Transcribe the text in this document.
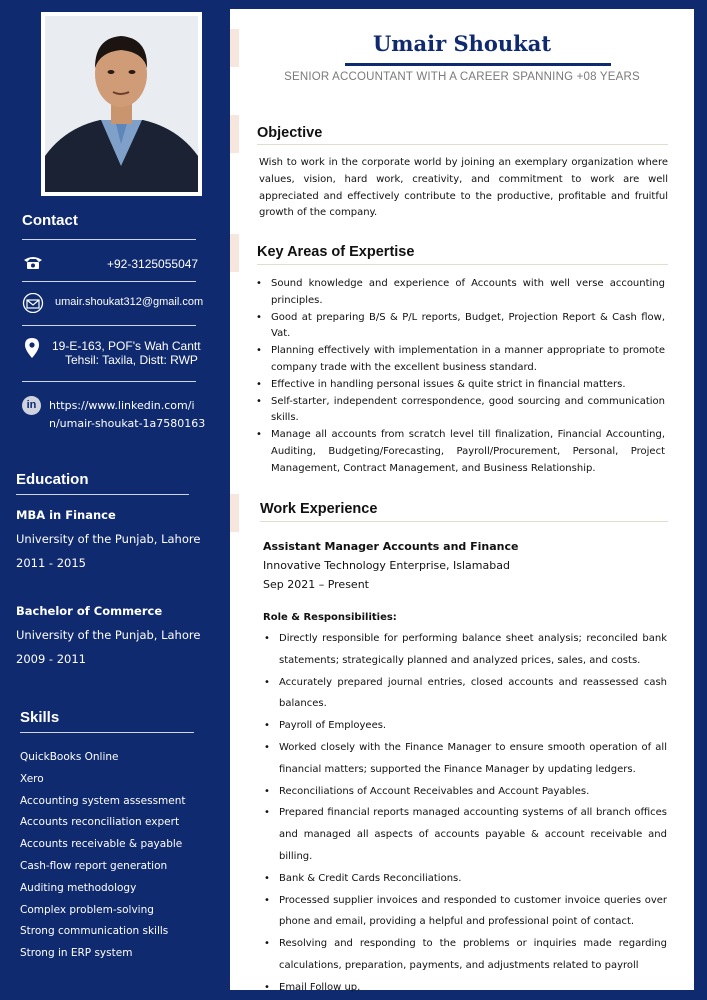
Contact
+92-3125055047
umair.shoukat312@gmail.com
19-E-163, POF's Wah Cantt
Tehsil: Taxila, Distt: RWP
in	https://www.linkedin.com/i
n/umair-shoukat-1a7580163
Education
MBA in Finance
University of the Punjab, Lahore
2011 - 2015
Bachelor of Commerce
University of the Punjab, Lahore
2009 - 2011
Skills
QuickBooks Online
Xero
Accounting system assessment
Accounts reconciliation expert
Accounts receivable & payable
Cash-flow report generation
Auditing methodology
Complex problem-solving
Strong communication skills
Strong in ERP system
Umair Shoukat
SENIOR ACCOUNTANT WITH A CAREER SPANNING +08 YEARS
Objective

Wish to work in the corporate world by joining an exemplary organization where values, vision, hard work, creativity, and commitment to work are well appreciated and effectively contribute to the productive, profitable and fruitful growth of the company.

Key Areas of Expertise
• Sound knowledge and experience of Accounts with well verse accounting principles.
• Good at preparing B/S & P/L reports, Budget, Projection Report & Cash flow, Vat.
• Planning effectively with implementation in a manner appropriate to promote company trade with the excellent business standard.
• Effective in handling personal issues & quite strict in financial matters.
• Self-starter, independent correspondence, good sourcing and communication skills.
• Manage all accounts from scratch level till finalization, Financial Accounting, Auditing, Budgeting/Forecasting, Payroll/Procurement, Personal, Project Management, Contract Management, and Business Relationship.
Work Experience
Assistant Manager Accounts and Finance
Innovative Technology Enterprise, Islamabad
Sep 2021 – Present
Role & Responsibilities:
• Directly responsible for performing balance sheet analysis; reconciled bank statements; strategically planned and analyzed prices, sales, and costs.
• Accurately prepared journal entries, closed accounts and reassessed cash balances.
• Payroll of Employees.
• Worked closely with the Finance Manager to ensure smooth operation of all financial matters; supported the Finance Manager by updating ledgers.
• Reconciliations of Account Receivables and Account Payables.
• Prepared financial reports managed accounting systems of all branch offices and managed all aspects of accounts payable & account receivable and billing.
• Bank & Credit Cards Reconciliations.
• Processed supplier invoices and responded to customer invoice queries over phone and email, providing a helpful and professional point of contact.
• Resolving and responding to the problems or inquiries made regarding calculations, preparation, payments, and adjustments related to payroll
• Email Follow up.
